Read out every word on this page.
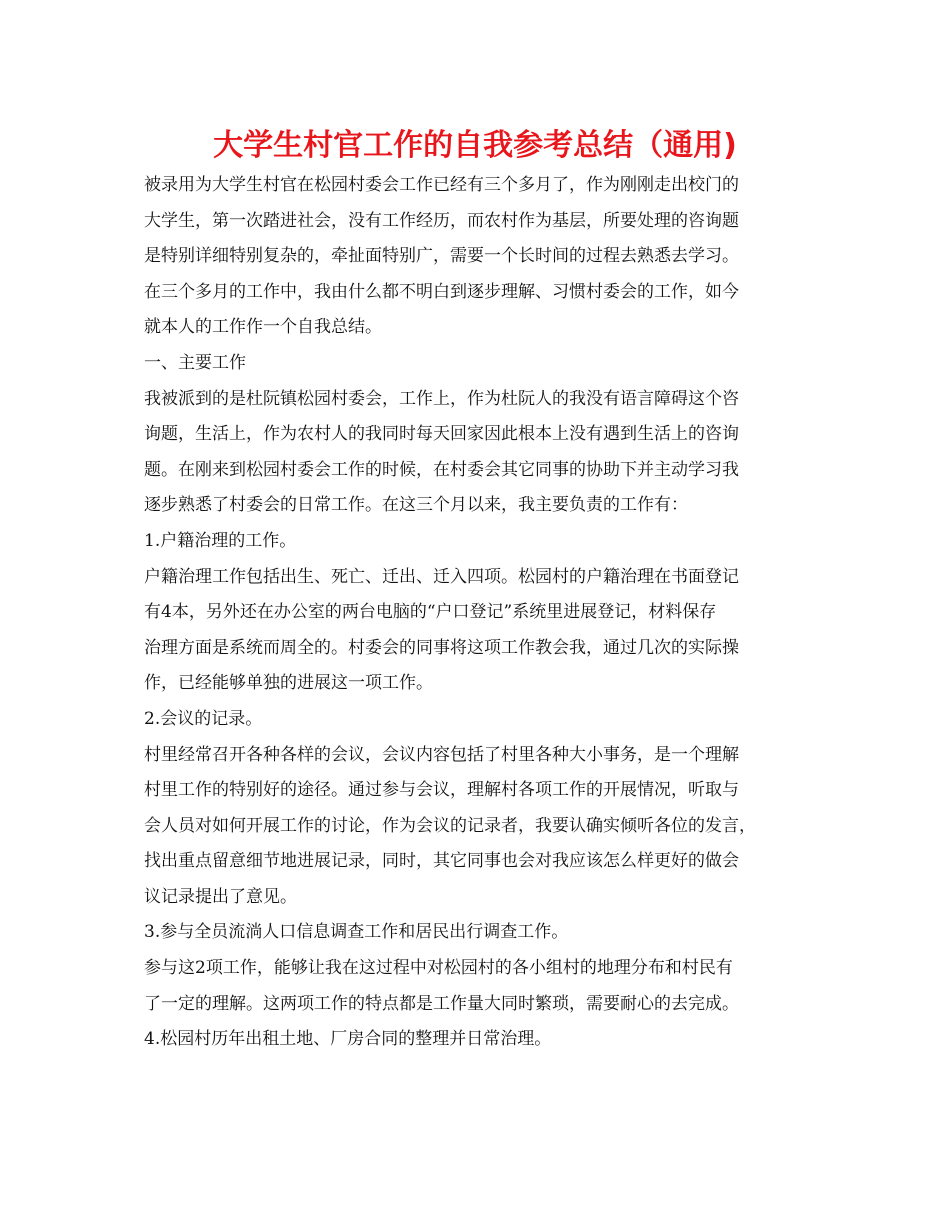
大学生村官工作的自我参考总结（通用)
被录用为大学生村官在松园村委会工作已经有三个多月了，作为刚刚走出校门的
大学生，第一次踏进社会，没有工作经历，而农村作为基层，所要处理的咨询题
是特别详细特别复杂的，牵扯面特别广，需要一个长时间的过程去熟悉去学习。
在三个多月的工作中，我由什么都不明白到逐步理解、习惯村委会的工作，如今
就本人的工作作一个自我总结。
一、主要工作
我被派到的是杜阮镇松园村委会，工作上，作为杜阮人的我没有语言障碍这个咨
询题，生活上，作为农村人的我同时每天回家因此根本上没有遇到生活上的咨询
题。在刚来到松园村委会工作的时候，在村委会其它同事的协助下并主动学习我
逐步熟悉了村委会的日常工作。在这三个月以来，我主要负责的工作有：
1.户籍治理的工作。
户籍治理工作包括出生、死亡、迁出、迁入四项。松园村的户籍治理在书面登记
有4本，另外还在办公室的两台电脑的“户口登记”系统里进展登记，材料保存
治理方面是系统而周全的。村委会的同事将这项工作教会我，通过几次的实际操
作，已经能够单独的进展这一项工作。
2.会议的记录。
村里经常召开各种各样的会议，会议内容包括了村里各种大小事务，是一个理解
村里工作的特别好的途径。通过参与会议，理解村各项工作的开展情况，听取与
会人员对如何开展工作的讨论，作为会议的记录者，我要认确实倾听各位的发言，
找出重点留意细节地进展记录，同时，其它同事也会对我应该怎么样更好的做会
议记录提出了意见。
3.参与全员流淌人口信息调查工作和居民出行调查工作。
参与这2项工作，能够让我在这过程中对松园村的各小组村的地理分布和村民有
了一定的理解。这两项工作的特点都是工作量大同时繁琐，需要耐心的去完成。
4.松园村历年出租土地、厂房合同的整理并日常治理。
